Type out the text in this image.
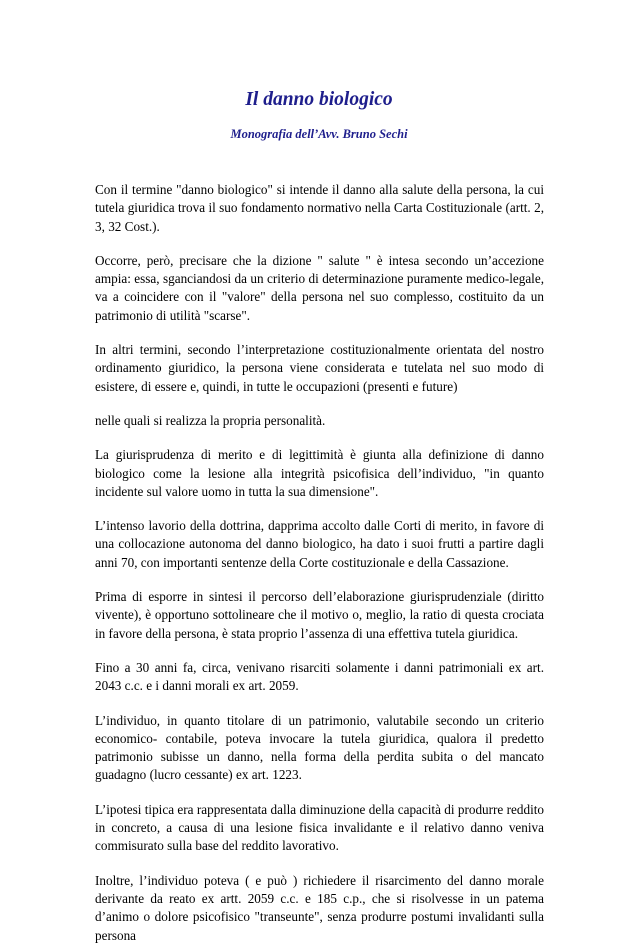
Il danno biologico
Monografia dell’Avv. Bruno Sechi

Con il termine "danno biologico" si intende il danno alla salute della persona, la cui tutela giuridica trova il suo fondamento normativo nella Carta Costituzionale (artt. 2, 3, 32 Cost.).

Occorre, però, precisare che la dizione " salute " è intesa secondo un’accezione ampia: essa, sganciandosi da un criterio di determinazione puramente medico-legale, va a coincidere con il "valore" della persona nel suo complesso, costituito da un patrimonio di utilità "scarse".

In altri termini, secondo l’interpretazione costituzionalmente orientata del nostro ordinamento giuridico, la persona viene considerata e tutelata nel suo modo di esistere, di essere e, quindi, in tutte le occupazioni (presenti e future)

nelle quali si realizza la propria personalità.

La giurisprudenza di merito e di legittimità è giunta alla definizione di danno biologico come la lesione alla integrità psicofisica dell’individuo, "in quanto incidente sul valore uomo in tutta la sua dimensione".

L’intenso lavorio della dottrina, dapprima accolto dalle Corti di merito, in favore di una collocazione autonoma del danno biologico, ha dato i suoi frutti a partire dagli anni 70, con importanti sentenze della Corte costituzionale e della Cassazione.

Prima di esporre in sintesi il percorso dell’elaborazione giurisprudenziale (diritto vivente), è opportuno sottolineare che il motivo o, meglio, la ratio di questa crociata in favore della persona, è stata proprio l’assenza di una effettiva tutela giuridica.

Fino a 30 anni fa, circa, venivano risarciti solamente i danni patrimoniali ex art. 2043 c.c. e i danni morali ex art. 2059.

L’individuo, in quanto titolare di un patrimonio, valutabile secondo un criterio economico- contabile, poteva invocare la tutela giuridica, qualora il predetto patrimonio subisse un danno, nella forma della perdita subita o del mancato guadagno (lucro cessante) ex art. 1223.

L’ipotesi tipica era rappresentata dalla diminuzione della capacità di produrre reddito in concreto, a causa di una lesione fisica invalidante e il relativo danno veniva commisurato sulla base del reddito lavorativo.

Inoltre, l’individuo poteva ( e può ) richiedere il risarcimento del danno morale derivante da reato ex artt. 2059 c.c. e 185 c.p., che si risolvesse in un patema d’animo o dolore psicofisico "transeunte", senza produrre postumi invalidanti sulla persona
